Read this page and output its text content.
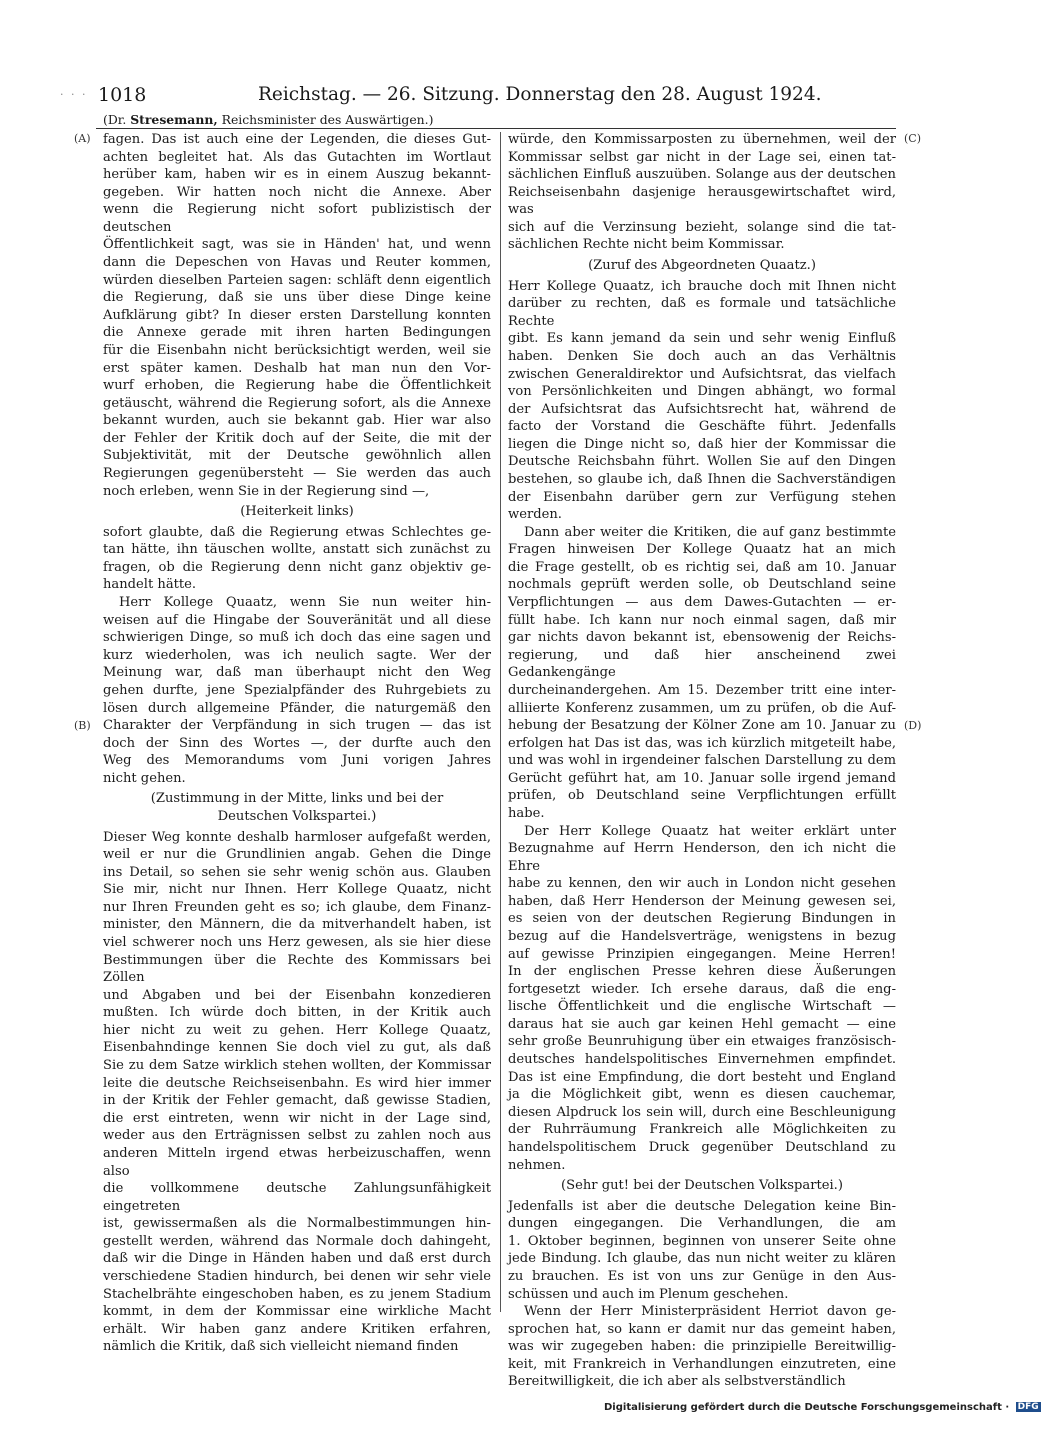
· · · 1018	Reichstag. — 26. Sitzung. Donnerstag den 28. August 1924.
(Dr. Stresemann, Reichsminister des Auswärtigen.)
(A)
(B)
(C)
(D)
fagen. Das ist auch eine der Legenden, die dieses Gut-
achten begleitet hat. Als das Gutachten im Wortlaut
herüber kam, haben wir es in einem Auszug bekannt-
gegeben. Wir hatten noch nicht die Annexe. Aber
wenn die Regierung nicht sofort publizistisch der deutschen
Öffentlichkeit sagt, was sie in Händen' hat, und wenn
dann die Depeschen von Havas und Reuter kommen,
würden dieselben Parteien sagen: schläft denn eigentlich
die Regierung, daß sie uns über diese Dinge keine
Aufklärung gibt? In dieser ersten Darstellung konnten
die Annexe gerade mit ihren harten Bedingungen
für die Eisenbahn nicht berücksichtigt werden, weil sie
erst später kamen. Deshalb hat man nun den Vor-
wurf erhoben, die Regierung habe die Öffentlichkeit
getäuscht, während die Regierung sofort, als die Annexe
bekannt wurden, auch sie bekannt gab. Hier war also
der Fehler der Kritik doch auf der Seite, die mit der
Subjektivität, mit der Deutsche gewöhnlich allen
Regierungen gegenübersteht — Sie werden das auch
noch erleben, wenn Sie in der Regierung sind —,
(Heiterkeit links)
sofort glaubte, daß die Regierung etwas Schlechtes ge-
tan hätte, ihn täuschen wollte, anstatt sich zunächst zu
fragen, ob die Regierung denn nicht ganz objektiv ge-
handelt hätte.
Herr Kollege Quaatz, wenn Sie nun weiter hin-
weisen auf die Hingabe der Souveränität und all diese
schwierigen Dinge, so muß ich doch das eine sagen und
kurz wiederholen, was ich neulich sagte. Wer der
Meinung war, daß man überhaupt nicht den Weg
gehen durfte, jene Spezialpfänder des Ruhrgebiets zu
lösen durch allgemeine Pfänder, die naturgemäß den
Charakter der Verpfändung in sich trugen — das ist
doch der Sinn des Wortes —, der durfte auch den
Weg des Memorandums vom Juni vorigen Jahres
nicht gehen.
(Zustimmung in der Mitte, links und bei der
Deutschen Volkspartei.)
Dieser Weg konnte deshalb harmloser aufgefaßt werden,
weil er nur die Grundlinien angab. Gehen die Dinge
ins Detail, so sehen sie sehr wenig schön aus. Glauben
Sie mir, nicht nur Ihnen. Herr Kollege Quaatz, nicht
nur Ihren Freunden geht es so; ich glaube, dem Finanz-
minister, den Männern, die da mitverhandelt haben, ist
viel schwerer noch uns Herz gewesen, als sie hier diese
Bestimmungen über die Rechte des Kommissars bei Zöllen
und Abgaben und bei der Eisenbahn konzedieren
mußten. Ich würde doch bitten, in der Kritik auch
hier nicht zu weit zu gehen. Herr Kollege Quaatz,
Eisenbahndinge kennen Sie doch viel zu gut, als daß
Sie zu dem Satze wirklich stehen wollten, der Kommissar
leite die deutsche Reichseisenbahn. Es wird hier immer
in der Kritik der Fehler gemacht, daß gewisse Stadien,
die erst eintreten, wenn wir nicht in der Lage sind,
weder aus den Erträgnissen selbst zu zahlen noch aus
anderen Mitteln irgend etwas herbeizuschaffen, wenn also
die vollkommene deutsche Zahlungsunfähigkeit eingetreten
ist, gewissermaßen als die Normalbestimmungen hin-
gestellt werden, während das Normale doch dahingeht,
daß wir die Dinge in Händen haben und daß erst durch
verschiedene Stadien hindurch, bei denen wir sehr viele
Stachelbrähte eingeschoben haben, es zu jenem Stadium
kommt, in dem der Kommissar eine wirkliche Macht
erhält. Wir haben ganz andere Kritiken erfahren,
nämlich die Kritik, daß sich vielleicht niemand finden
würde, den Kommissarposten zu übernehmen, weil der
Kommissar selbst gar nicht in der Lage sei, einen tat-
sächlichen Einfluß auszuüben. Solange aus der deutschen
Reichseisenbahn dasjenige herausgewirtschaftet wird, was
sich auf die Verzinsung bezieht, solange sind die tat-
sächlichen Rechte nicht beim Kommissar.
(Zuruf des Abgeordneten Quaatz.)
Herr Kollege Quaatz, ich brauche doch mit Ihnen nicht
darüber zu rechten, daß es formale und tatsächliche Rechte
gibt. Es kann jemand da sein und sehr wenig Einfluß
haben. Denken Sie doch auch an das Verhältnis
zwischen Generaldirektor und Aufsichtsrat, das vielfach
von Persönlichkeiten und Dingen abhängt, wo formal
der Aufsichtsrat das Aufsichtsrecht hat, während de
facto der Vorstand die Geschäfte führt. Jedenfalls
liegen die Dinge nicht so, daß hier der Kommissar die
Deutsche Reichsbahn führt. Wollen Sie auf den Dingen
bestehen, so glaube ich, daß Ihnen die Sachverständigen
der Eisenbahn darüber gern zur Verfügung stehen werden.
Dann aber weiter die Kritiken, die auf ganz bestimmte
Fragen hinweisen Der Kollege Quaatz hat an mich
die Frage gestellt, ob es richtig sei, daß am 10. Januar
nochmals geprüft werden solle, ob Deutschland seine
Verpflichtungen — aus dem Dawes-Gutachten — er-
füllt habe. Ich kann nur noch einmal sagen, daß mir
gar nichts davon bekannt ist, ebensowenig der Reichs-
regierung, und daß hier anscheinend zwei Gedankengänge
durcheinandergehen. Am 15. Dezember tritt eine inter-
alliierte Konferenz zusammen, um zu prüfen, ob die Auf-
hebung der Besatzung der Kölner Zone am 10. Januar zu
erfolgen hat Das ist das, was ich kürzlich mitgeteilt habe,
und was wohl in irgendeiner falschen Darstellung zu dem
Gerücht geführt hat, am 10. Januar solle irgend jemand
prüfen, ob Deutschland seine Verpflichtungen erfüllt habe.
Der Herr Kollege Quaatz hat weiter erklärt unter
Bezugnahme auf Herrn Henderson, den ich nicht die Ehre
habe zu kennen, den wir auch in London nicht gesehen
haben, daß Herr Henderson der Meinung gewesen sei,
es seien von der deutschen Regierung Bindungen in
bezug auf die Handelsverträge, wenigstens in bezug
auf gewisse Prinzipien eingegangen. Meine Herren!
In der englischen Presse kehren diese Äußerungen
fortgesetzt wieder. Ich ersehe daraus, daß die eng-
lische Öffentlichkeit und die englische Wirtschaft —
daraus hat sie auch gar keinen Hehl gemacht — eine
sehr große Beunruhigung über ein etwaiges französisch-
deutsches handelspolitisches Einvernehmen empfindet.
Das ist eine Empfindung, die dort besteht und England
ja die Möglichkeit gibt, wenn es diesen cauchemar,
diesen Alpdruck los sein will, durch eine Beschleunigung
der Ruhrräumung Frankreich alle Möglichkeiten zu
handelspolitischem Druck gegenüber Deutschland zu
nehmen.
(Sehr gut! bei der Deutschen Volkspartei.)
Jedenfalls ist aber die deutsche Delegation keine Bin-
dungen eingegangen. Die Verhandlungen, die am
1. Oktober beginnen, beginnen von unserer Seite ohne
jede Bindung. Ich glaube, das nun nicht weiter zu klären
zu brauchen. Es ist von uns zur Genüge in den Aus-
schüssen und auch im Plenum geschehen.
Wenn der Herr Ministerpräsident Herriot davon ge-
sprochen hat, so kann er damit nur das gemeint haben,
was wir zugegeben haben: die prinzipielle Bereitwillig-
keit, mit Frankreich in Verhandlungen einzutreten, eine
Bereitwilligkeit, die ich aber als selbstverständlich
Digitalisierung gefördert durch die Deutsche Forschungsgemeinschaft · DFG
